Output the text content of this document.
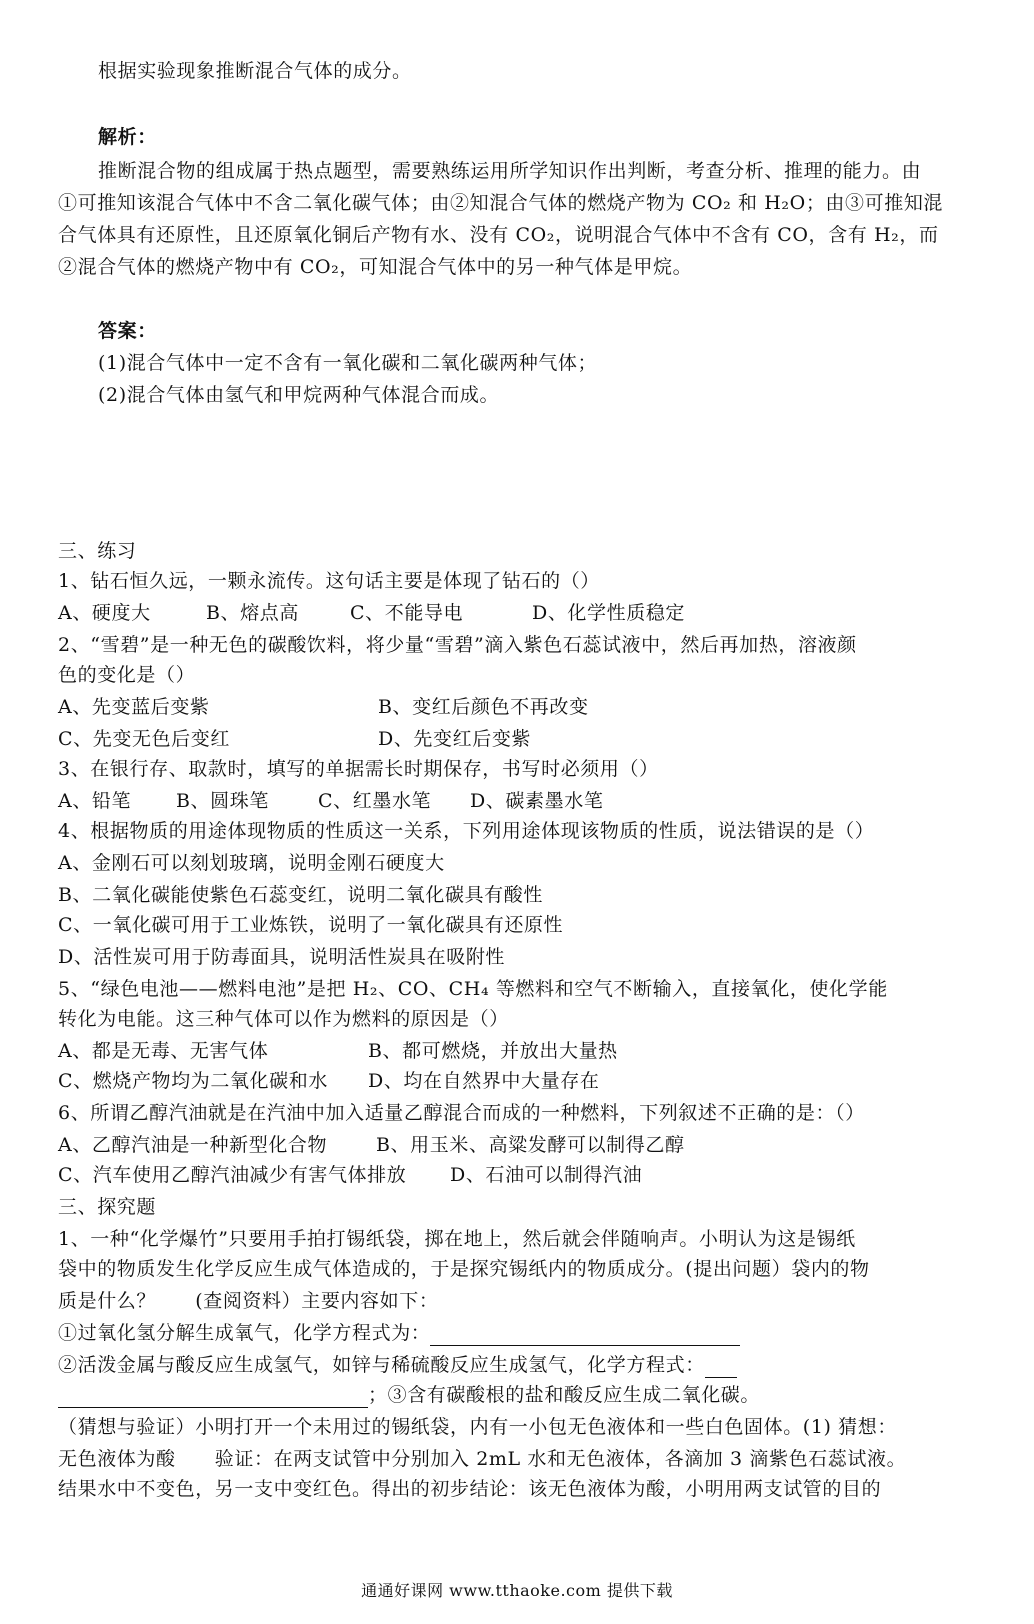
根据实验现象推断混合气体的成分。
解析：
推断混合物的组成属于热点题型，需要熟练运用所学知识作出判断，考查分析、推理的能力。由
①可推知该混合气体中不含二氧化碳气体；由②知混合气体的燃烧产物为 CO₂ 和 H₂O；由③可推知混
合气体具有还原性，且还原氧化铜后产物有水、没有 CO₂，说明混合气体中不含有 CO，含有 H₂，而
②混合气体的燃烧产物中有 CO₂，可知混合气体中的另一种气体是甲烷。
答案：
(1)混合气体中一定不含有一氧化碳和二氧化碳两种气体；
(2)混合气体由氢气和甲烷两种气体混合而成。
三、练习
1、钻石恒久远，一颗永流传。这句话主要是体现了钻石的（）
A、硬度大	B、熔点高	C、不能导电	D、化学性质稳定
2、“雪碧”是一种无色的碳酸饮料，将少量“雪碧”滴入紫色石蕊试液中，然后再加热，溶液颜
色的变化是（）
A、先变蓝后变紫	B、变红后颜色不再改变
C、先变无色后变红	D、先变红后变紫
3、在银行存、取款时，填写的单据需长时期保存，书写时必须用（）
A、铅笔 B、圆珠笔	C、红墨水笔 D、碳素墨水笔
4、根据物质的用途体现物质的性质这一关系，下列用途体现该物质的性质，说法错误的是（）
A、金刚石可以刻划玻璃，说明金刚石硬度大
B、二氧化碳能使紫色石蕊变红，说明二氧化碳具有酸性
C、一氧化碳可用于工业炼铁，说明了一氧化碳具有还原性
D、活性炭可用于防毒面具，说明活性炭具在吸附性
5、“绿色电池——燃料电池”是把 H₂、CO、CH₄ 等燃料和空气不断输入，直接氧化，使化学能
转化为电能。这三种气体可以作为燃料的原因是（）
A、都是无毒、无害气体	B、都可燃烧，并放出大量热
C、燃烧产物均为二氧化碳和水 D、均在自然界中大量存在
6、所谓乙醇汽油就是在汽油中加入适量乙醇混合而成的一种燃料，下列叙述不正确的是：（）
A、乙醇汽油是一种新型化合物	B、用玉米、高粱发酵可以制得乙醇
C、汽车使用乙醇汽油减少有害气体排放 D、石油可以制得汽油
三、探究题
1、一种“化学爆竹”只要用手拍打锡纸袋，掷在地上，然后就会伴随响声。小明认为这是锡纸
袋中的物质发生化学反应生成气体造成的，于是探究锡纸内的物质成分。(提出问题）袋内的物
质是什么？　　(查阅资料）主要内容如下：
①过氧化氢分解生成氧气，化学方程式为：
②活泼金属与酸反应生成氢气，如锌与稀硫酸反应生成氢气，化学方程式：
；③含有碳酸根的盐和酸反应生成二氧化碳。
（猜想与验证）小明打开一个未用过的锡纸袋，内有一小包无色液体和一些白色固体。(1) 猜想：
无色液体为酸　　验证：在两支试管中分别加入 2mL 水和无色液体，各滴加 3 滴紫色石蕊试液。
结果水中不变色，另一支中变红色。得出的初步结论：该无色液体为酸，小明用两支试管的目的
通通好课网 www.tthaoke.com 提供下载
